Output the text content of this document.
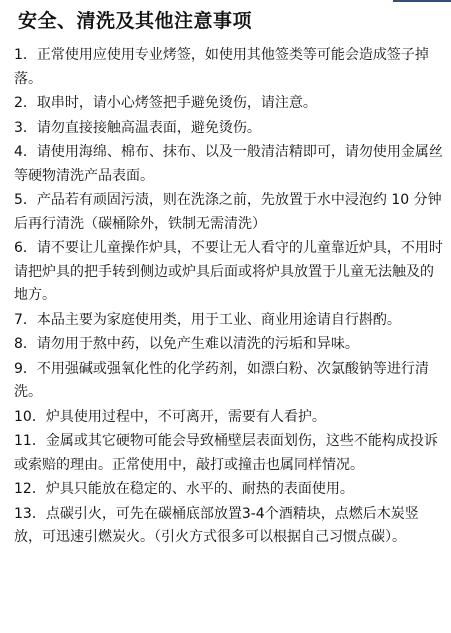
安全、清洗及其他注意事项
1．正常使用应使用专业烤签，如使用其他签类等可能会造成签子掉落。
2．取串时，请小心烤签把手避免烫伤，请注意。
3．请勿直接接触高温表面，避免烫伤。
4．请使用海绵、棉布、抹布、以及一般清洁精即可，请勿使用金属丝等硬物清洗产品表面。
5．产品若有顽固污渍，则在洗涤之前，先放置于水中浸泡约 10 分钟后再行清洗（碳桶除外，铁制无需清洗）
6．请不要让儿童操作炉具，不要让无人看守的儿童靠近炉具，不用时请把炉具的把手转到侧边或炉具后面或将炉具放置于儿童无法触及的地方。
7．本品主要为家庭使用类，用于工业、商业用途请自行斟酌。
8．请勿用于熬中药，以免产生难以清洗的污垢和异味。
9．不用强碱或强氧化性的化学药剂，如漂白粉、次氯酸钠等进行清洗。
10．炉具使用过程中，不可离开，需要有人看护。
11．金属或其它硬物可能会导致桶壁层表面划伤，这些不能构成投诉或索赔的理由。正常使用中，敲打或撞击也属同样情况。
12．炉具只能放在稳定的、水平的、耐热的表面使用。
13．点碳引火，可先在碳桶底部放置3-4个酒精块，点燃后木炭竖放，可迅速引燃炭火。（引火方式很多可以根据自己习惯点碳）。
